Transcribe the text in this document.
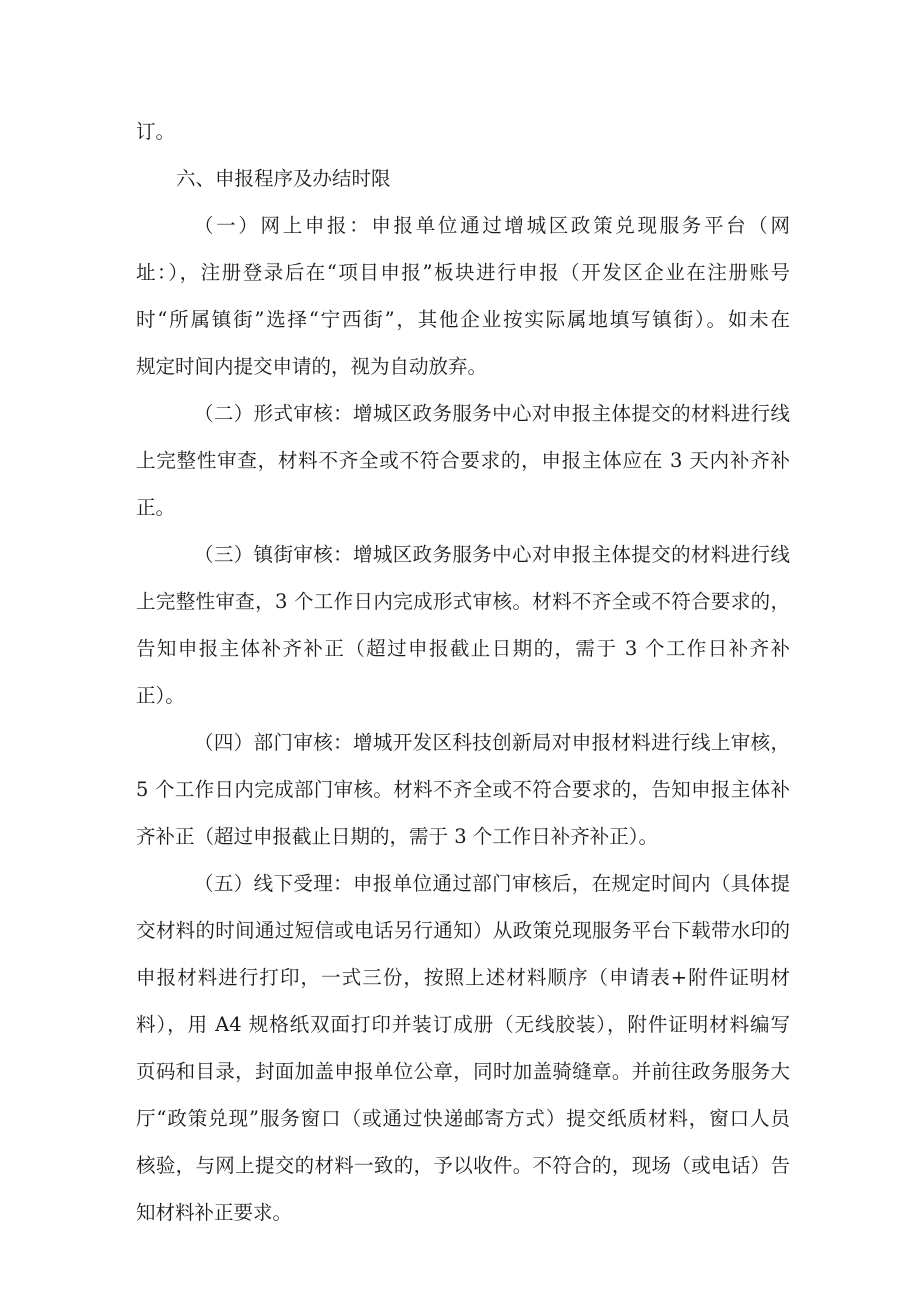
订。
六、申报程序及办结时限
（一）网上申报：申报单位通过增城区政策兑现服务平台（网
址：），注册登录后在“项目申报”板块进行申报（开发区企业在注册账号
时“所属镇街”选择“宁西街”，其他企业按实际属地填写镇街）。如未在
规定时间内提交申请的，视为自动放弃。
（二）形式审核：增城区政务服务中心对申报主体提交的材料进行线
上完整性审查，材料不齐全或不符合要求的，申报主体应在 3 天内补齐补
正。
（三）镇街审核：增城区政务服务中心对申报主体提交的材料进行线
上完整性审查，3 个工作日内完成形式审核。材料不齐全或不符合要求的，
告知申报主体补齐补正（超过申报截止日期的，需于 3 个工作日补齐补
正）。
（四）部门审核：增城开发区科技创新局对申报材料进行线上审核，
5 个工作日内完成部门审核。材料不齐全或不符合要求的，告知申报主体补
齐补正（超过申报截止日期的，需于 3 个工作日补齐补正）。
（五）线下受理：申报单位通过部门审核后，在规定时间内（具体提
交材料的时间通过短信或电话另行通知）从政策兑现服务平台下载带水印的
申报材料进行打印，一式三份，按照上述材料顺序（申请表+附件证明材
料），用 A4 规格纸双面打印并装订成册（无线胶装），附件证明材料编写
页码和目录，封面加盖申报单位公章，同时加盖骑缝章。并前往政务服务大
厅“政策兑现”服务窗口（或通过快递邮寄方式）提交纸质材料，窗口人员
核验，与网上提交的材料一致的，予以收件。不符合的，现场（或电话）告
知材料补正要求。
